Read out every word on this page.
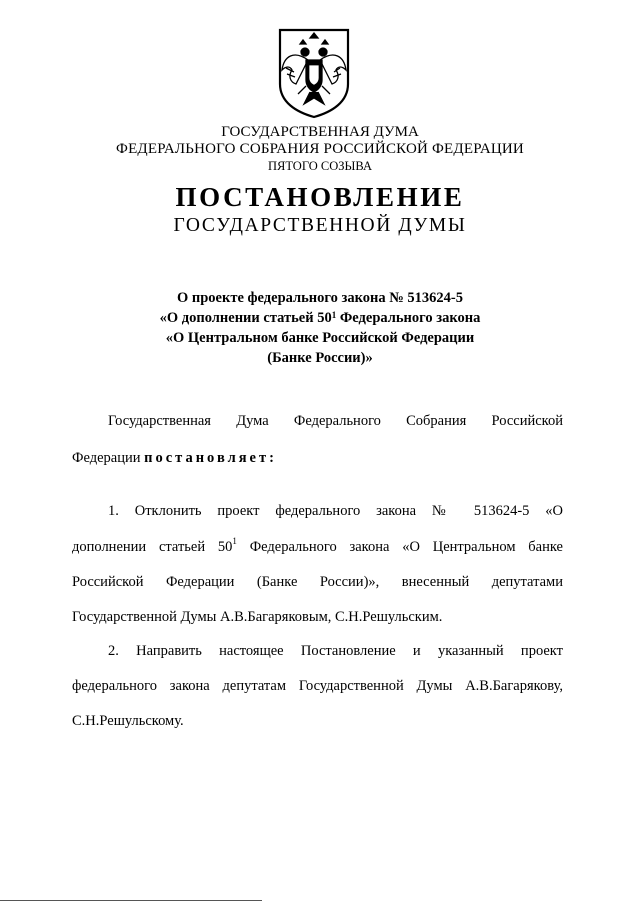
ГОСУДАРСТВЕННАЯ ДУМА
ФЕДЕРАЛЬНОГО СОБРАНИЯ РОССИЙСКОЙ ФЕДЕРАЦИИ
ПЯТОГО СОЗЫВА
ПОСТАНОВЛЕНИЕ
ГОСУДАРСТВЕННОЙ ДУМЫ
О проекте федерального закона № 513624-5
«О дополнении статьей $50^1$ Федерального закона
«О Центральном банке Российской Федерации
(Банке России)»
Государственная Дума Федерального Собрания Российской
Федерации постановляет:
1. Отклонить проект федерального закона № 513624-5 «О
дополнении статьей $50^1$ Федерального закона «О Центральном банке
Российской Федерации (Банке России)», внесенный депутатами
Государственной Думы А.В.Багаряковым, С.Н.Решульским.
2. Направить настоящее Постановление и указанный проект
федерального закона депутатам Государственной Думы А.В.Багарякову,
С.Н.Решульскому.
